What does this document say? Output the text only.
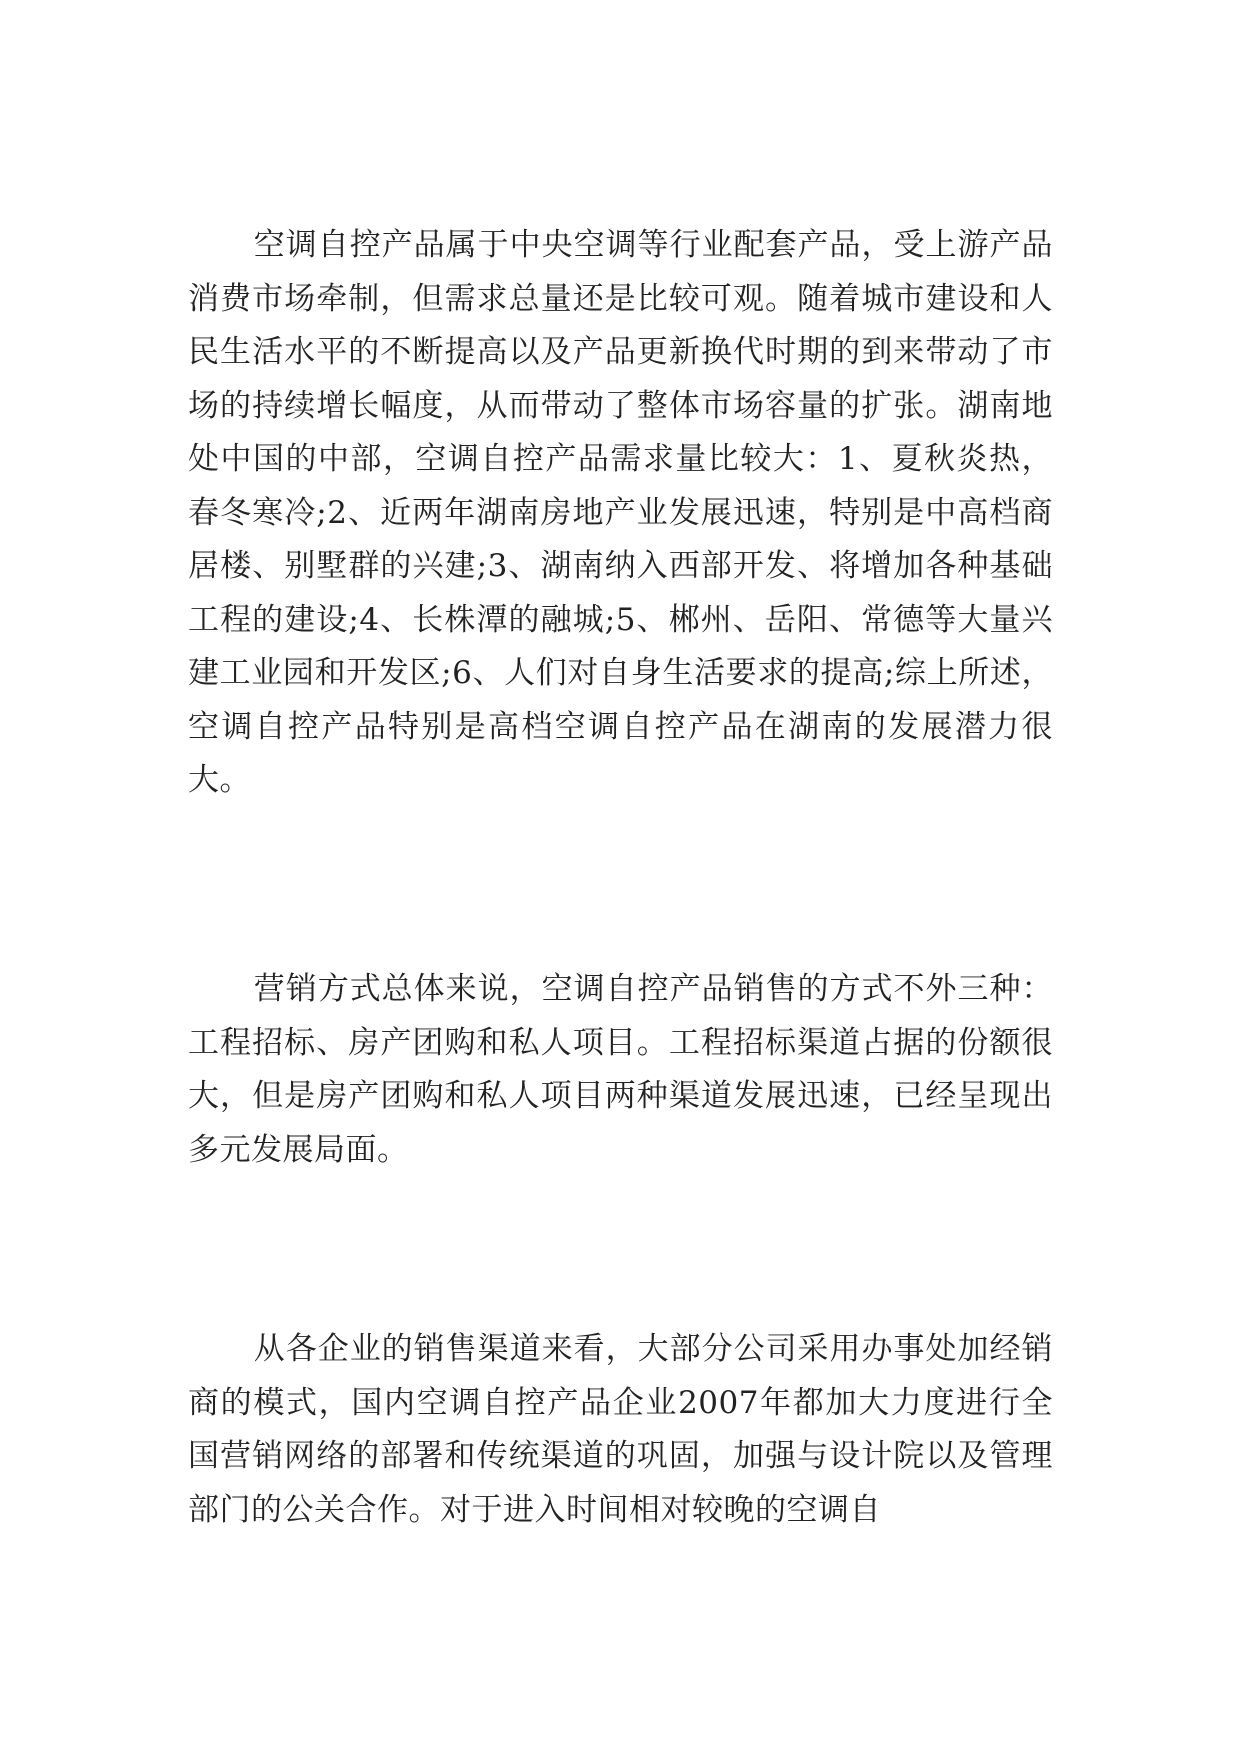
空调自控产品属于中央空调等行业配套产品，受上游产品消费市场牵制，但需求总量还是比较可观。随着城市建设和人民生活水平的不断提高以及产品更新换代时期的到来带动了市场的持续增长幅度，从而带动了整体市场容量的扩张。湖南地处中国的中部，空调自控产品需求量比较大：1、夏秋炎热，春冬寒冷;2、近两年湖南房地产业发展迅速，特别是中高档商居楼、别墅群的兴建;3、湖南纳入西部开发、将增加各种基础工程的建设;4、长株潭的融城;5、郴州、岳阳、常德等大量兴建工业园和开发区;6、人们对自身生活要求的提高;综上所述，空调自控产品特别是高档空调自控产品在湖南的发展潜力很大。

营销方式总体来说，空调自控产品销售的方式不外三种：工程招标、房产团购和私人项目。工程招标渠道占据的份额很大，但是房产团购和私人项目两种渠道发展迅速，已经呈现出多元发展局面。

从各企业的销售渠道来看，大部分公司采用办事处加经销商的模式，国内空调自控产品企业2007年都加大力度进行全国营销网络的部署和传统渠道的巩固，加强与设计院以及管理部门的公关合作。对于进入时间相对较晚的空调自
